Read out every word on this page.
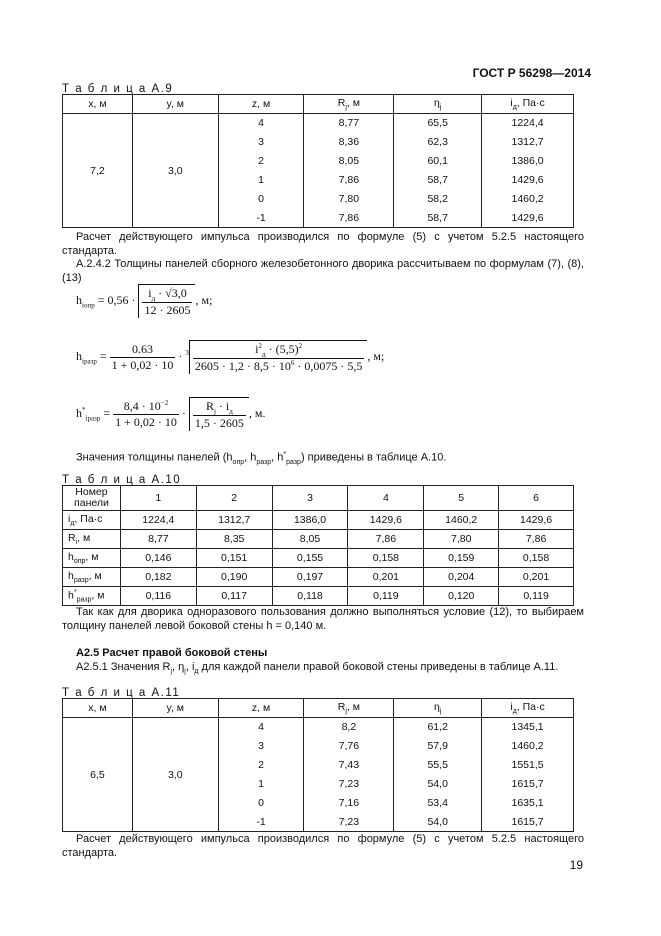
ГОСТ Р 56298—2014
Т а б л и ц а А.9
x, м	y, м	z, м	$R_j$, м	$\eta_j$	$i_д$, Па·с
7,2	3,0	4	8,77	65,5	1224,4
		3	8,36	62,3	1312,7
		2	8,05	60,1	1386,0
		1	7,86	58,7	1429,6
		0	7,80	58,2	1460,2
		-1	7,86	58,7	1429,6
Расчет действующего импульса производился по формуле (5) с учетом 5.2.5 настоящего стандарта.
А.2.4.2 Толщины панелей сборного железобетонного дворика рассчитываем по формулам (7), (8), (13)
$h_{iопр} = 0,56 \cdot \frac{i_д \cdot √3,0}{12 \cdot 2605}$ , м;
$h_{iразр} = \frac{0.63}{1 + 0,02 \cdot 10} \cdot ^3 \frac{i^2_д \cdot (5,5)^2}{2605 \cdot 1,2 \cdot 8,5 \cdot 10^6 \cdot 0,0075 \cdot 5,5}$ , м;
$h^*_{iразр} = \frac{8,4 \cdot 10^{-2}}{1 + 0,02 \cdot 10} \cdot \frac{R_j \cdot i_д}{1,5 \cdot 2605}$ , м.
Значения толщины панелей ($h_{опр}$, $h_{разр}$, $h^*_{разр}$) приведены в таблице А.10.
Т а б л и ц а А.10
Номер панели	1	2	3	4	5	6
$i_д$, Па·с	1224,4	1312,7	1386,0	1429,6	1460,2	1429,6
$R_i$, м	8,77	8,35	8,05	7,86	7,80	7,86
$h_{опр}$, м	0,146	0,151	0,155	0,158	0,159	0,158
$h_{разр}$, м	0,182	0,190	0,197	0,201	0,204	0,201
$h^*_{разр}$, м	0,116	0,117	0,118	0,119	0,120	0,119
Так как для дворика одноразового пользования должно выполняться условие (12), то выбираем толщину панелей левой боковой стены h = 0,140 м.
А2.5 Расчет правой боковой стены
А2.5.1 Значения $R_j$, $\eta_j$, $i_д$ для каждой панели правой боковой стены приведены в таблице А.11.
Т а б л и ц а А.11
x, м	y, м	z, м	$R_j$, м	$\eta_j$	$i_д$, Па·с
6,5	3,0	4	8,2	61,2	1345,1
		3	7,76	57,9	1460,2
		2	7,43	55,5	1551,5
		1	7,23	54,0	1615,7
		0	7,16	53,4	1635,1
		-1	7,23	54,0	1615,7
Расчет действующего импульса производился по формуле (5) с учетом 5.2.5 настоящего стандарта.
19
